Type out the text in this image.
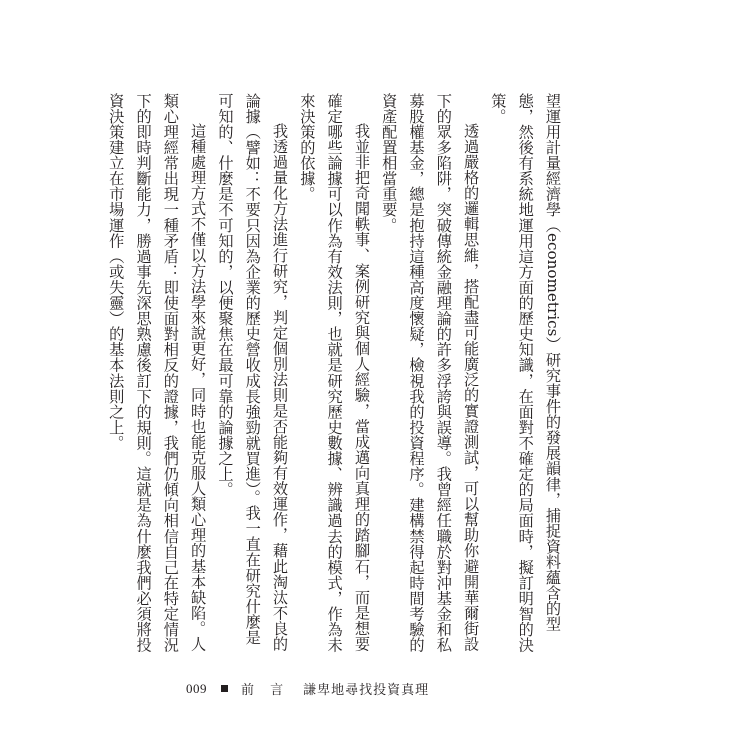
望運用計量經濟學（econometrics）研究事件的發展韻律，捕捉資料蘊含的型態，然後有系統地運用這方面的歷史知識，在面對不確定的局面時，擬訂明智的決策。

透過嚴格的邏輯思維，搭配盡可能廣泛的實證測試，可以幫助你避開華爾街設下的眾多陷阱，突破傳統金融理論的許多浮誇與誤導。我曾經任職於對沖基金和私募股權基金，總是抱持這種高度懷疑，檢視我的投資程序。建構禁得起時間考驗的資產配置相當重要。

我並非把奇聞軼事、案例研究與個人經驗，當成邁向真理的踏腳石，而是想要確定哪些論據可以作為有效法則，也就是研究歷史數據、辨識過去的模式，作為未來決策的依據。

我透過量化方法進行研究，判定個別法則是否能夠有效運作，藉此淘汰不良的論據（譬如：不要只因為企業的歷史營收成長強勁就買進）。我一直在研究什麼是可知的、什麼是不可知的，以便聚焦在最可靠的論據之上。

這種處理方式不僅以方法學來說更好，同時也能克服人類心理的基本缺陷。人類心理經常出現一種矛盾：即使面對相反的證據，我們仍傾向相信自己在特定情況下的即時判斷能力，勝過事先深思熟慮後訂下的規則。這就是為什麼我們必須將投資決策建立在市場運作（或失靈）的基本法則之上。

009	前 言 謙卑地尋找投資真理
